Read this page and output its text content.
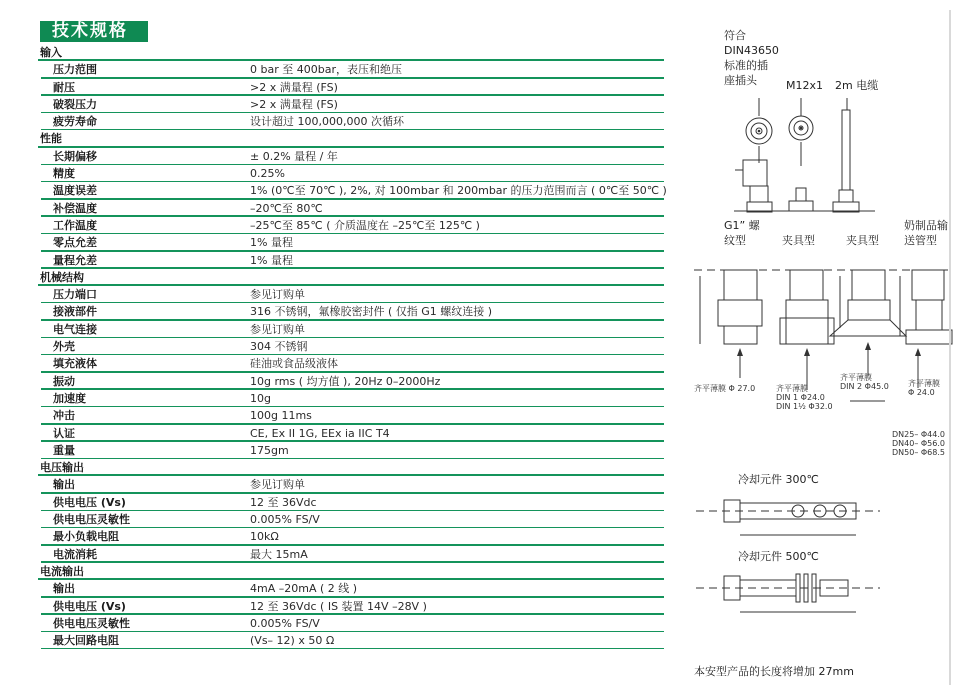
技术规格
输入
压力范围	0 bar 至 400bar，表压和绝压
耐压	>2 x 满量程 (FS)
破裂压力	>2 x 满量程 (FS)
疲劳寿命	设计超过 100,000,000 次循环
性能
长期偏移	± 0.2% 量程 / 年
精度	0.25%
温度误差	1% (0℃至 70℃ ), 2%, 对 100mbar 和 200mbar 的压力范围而言 ( 0℃至 50℃ )
补偿温度	–20℃至 80℃
工作温度	–25℃至 85℃ ( 介质温度在 –25℃至 125℃ )
零点允差	1% 量程
量程允差	1% 量程
机械结构
压力端口	参见订购单
接液部件	316 不锈钢，氟橡胶密封件 ( 仅指 G1 螺纹连接 )
电气连接	参见订购单
外壳	304 不锈钢
填充液体	硅油或食品级液体
振动	10g rms ( 均方值 ), 20Hz 0–2000Hz
加速度	10g
冲击	100g 11ms
认证	CE, Ex II 1G, EEx ia IIC T4
重量	175gm
电压输出
输出	参见订购单
供电电压 (Vs)	12 至 36Vdc
供电电压灵敏性	0.005% FS/V
最小负载电阻	10kΩ
电流消耗	最大 15mA
电流输出
输出	4mA –20mA ( 2 线 )
供电电压 (Vs)	12 至 36Vdc ( IS 装置 14V –28V )
供电电压灵敏性	0.005% FS/V
最大回路电阻	(Vs– 12) x 50 Ω
符合
DIN43650
标准的插
座插头	M12x1 2m 电缆
G1” 螺
纹型	夹具型	夹具型
奶制品输
送管型
齐平薄膜 Φ 27.0	齐平薄膜
DIN 1 Φ24.0
DIN 1½ Φ32.0
齐平薄膜
DIN 2 Φ45.0 齐平薄膜
Φ 24.0
DN25– Φ44.0
DN40– Φ56.0
DN50– Φ68.5
冷却元件 300℃
冷却元件 500℃
本安型产品的长度将增加 27mm
